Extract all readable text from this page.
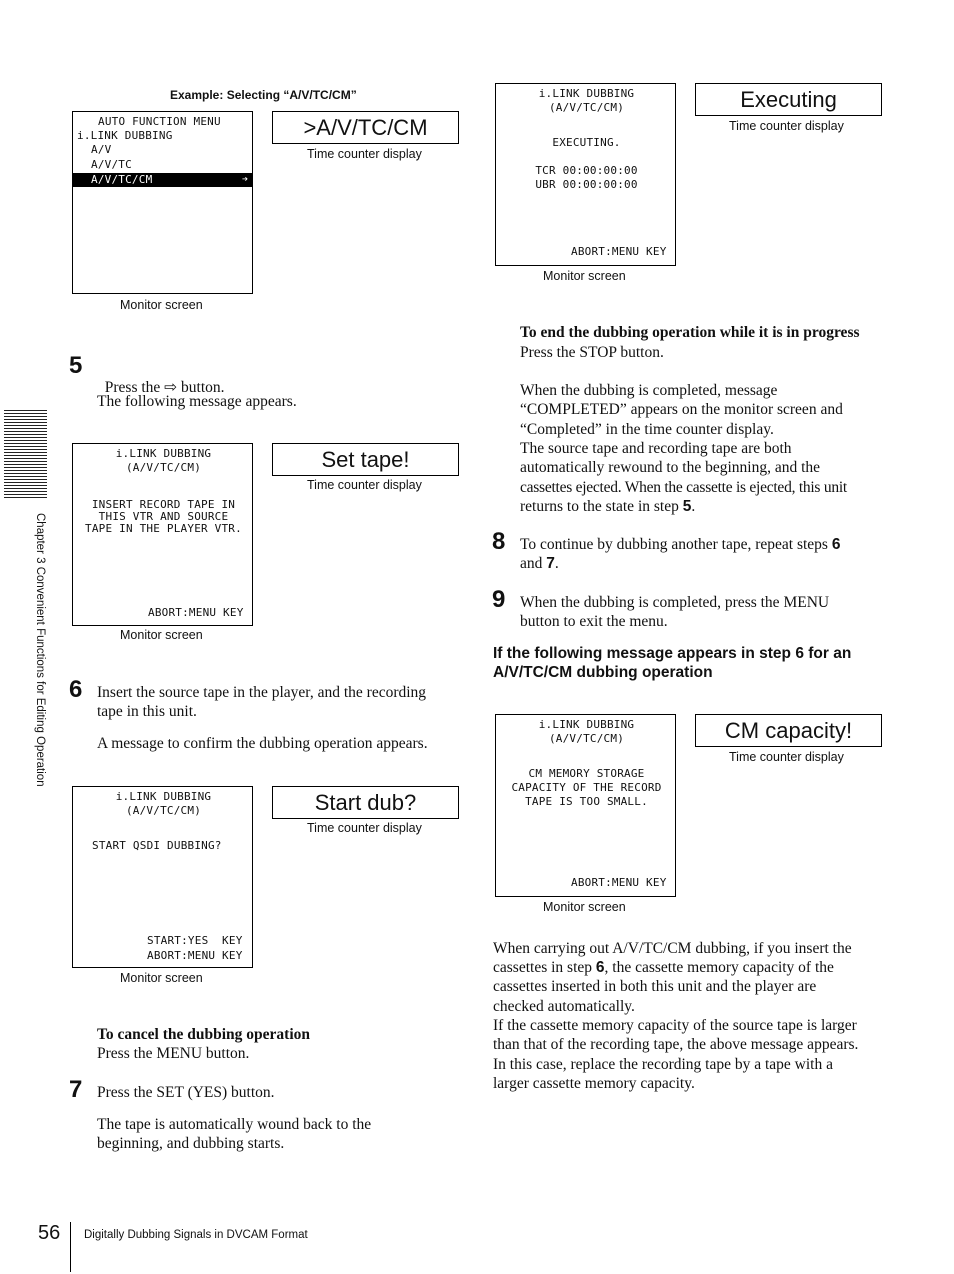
Chapter 3 Convenient Functions for Editing Operation
Example: Selecting “A/V/TC/CM”
AUTO FUNCTION MENU
i.LINK DUBBING
A/V
A/V/TC
A/V/TC/CM	➔
Monitor screen
>A/V/TC/CM
Time counter display
5

Press the ⇨ button.

The following message appears.
i.LINK DUBBING
(A/V/TC/CM)
INSERT RECORD TAPE IN
THIS VTR AND SOURCE
TAPE IN THE PLAYER VTR.
ABORT:MENU KEY
Monitor screen
Set tape!
Time counter display
6 Insert the source tape in the player, and the recording
tape in this unit.
A message to confirm the dubbing operation appears.
i.LINK DUBBING
(A/V/TC/CM)
START QSDI DUBBING?
START:YES  KEY
ABORT:MENU KEY
Monitor screen
Start dub?
Time counter display
To cancel the dubbing operation
Press the MENU button.
7 Press the SET (YES) button.
The tape is automatically wound back to the
beginning, and dubbing starts.
i.LINK DUBBING
(A/V/TC/CM)
EXECUTING.
TCR 00:00:00:00
UBR 00:00:00:00
ABORT:MENU KEY
Monitor screen
Executing
Time counter display
To end the dubbing operation while it is in progress
Press the STOP button.
When the dubbing is completed, message
“COMPLETED” appears on the monitor screen and
“Completed” in the time counter display.
The source tape and recording tape are both
automatically rewound to the beginning, and the
cassettes ejected. When the cassette is ejected, this unit
returns to the state in step 5.
8 To continue by dubbing another tape, repeat steps 6
and 7.
9 When the dubbing is completed, press the MENU
button to exit the menu.
If the following message appears in step 6 for an
A/V/TC/CM dubbing operation
i.LINK DUBBING
(A/V/TC/CM)
CM MEMORY STORAGE
CAPACITY OF THE RECORD
TAPE IS TOO SMALL.
ABORT:MENU KEY
Monitor screen
CM capacity!
Time counter display
When carrying out A/V/TC/CM dubbing, if you insert the
cassettes in step 6, the cassette memory capacity of the
cassettes inserted in both this unit and the player are
checked automatically.
If the cassette memory capacity of the source tape is larger
than that of the recording tape, the above message appears.
In this case, replace the recording tape by a tape with a
larger cassette memory capacity.
56 Digitally Dubbing Signals in DVCAM Format
